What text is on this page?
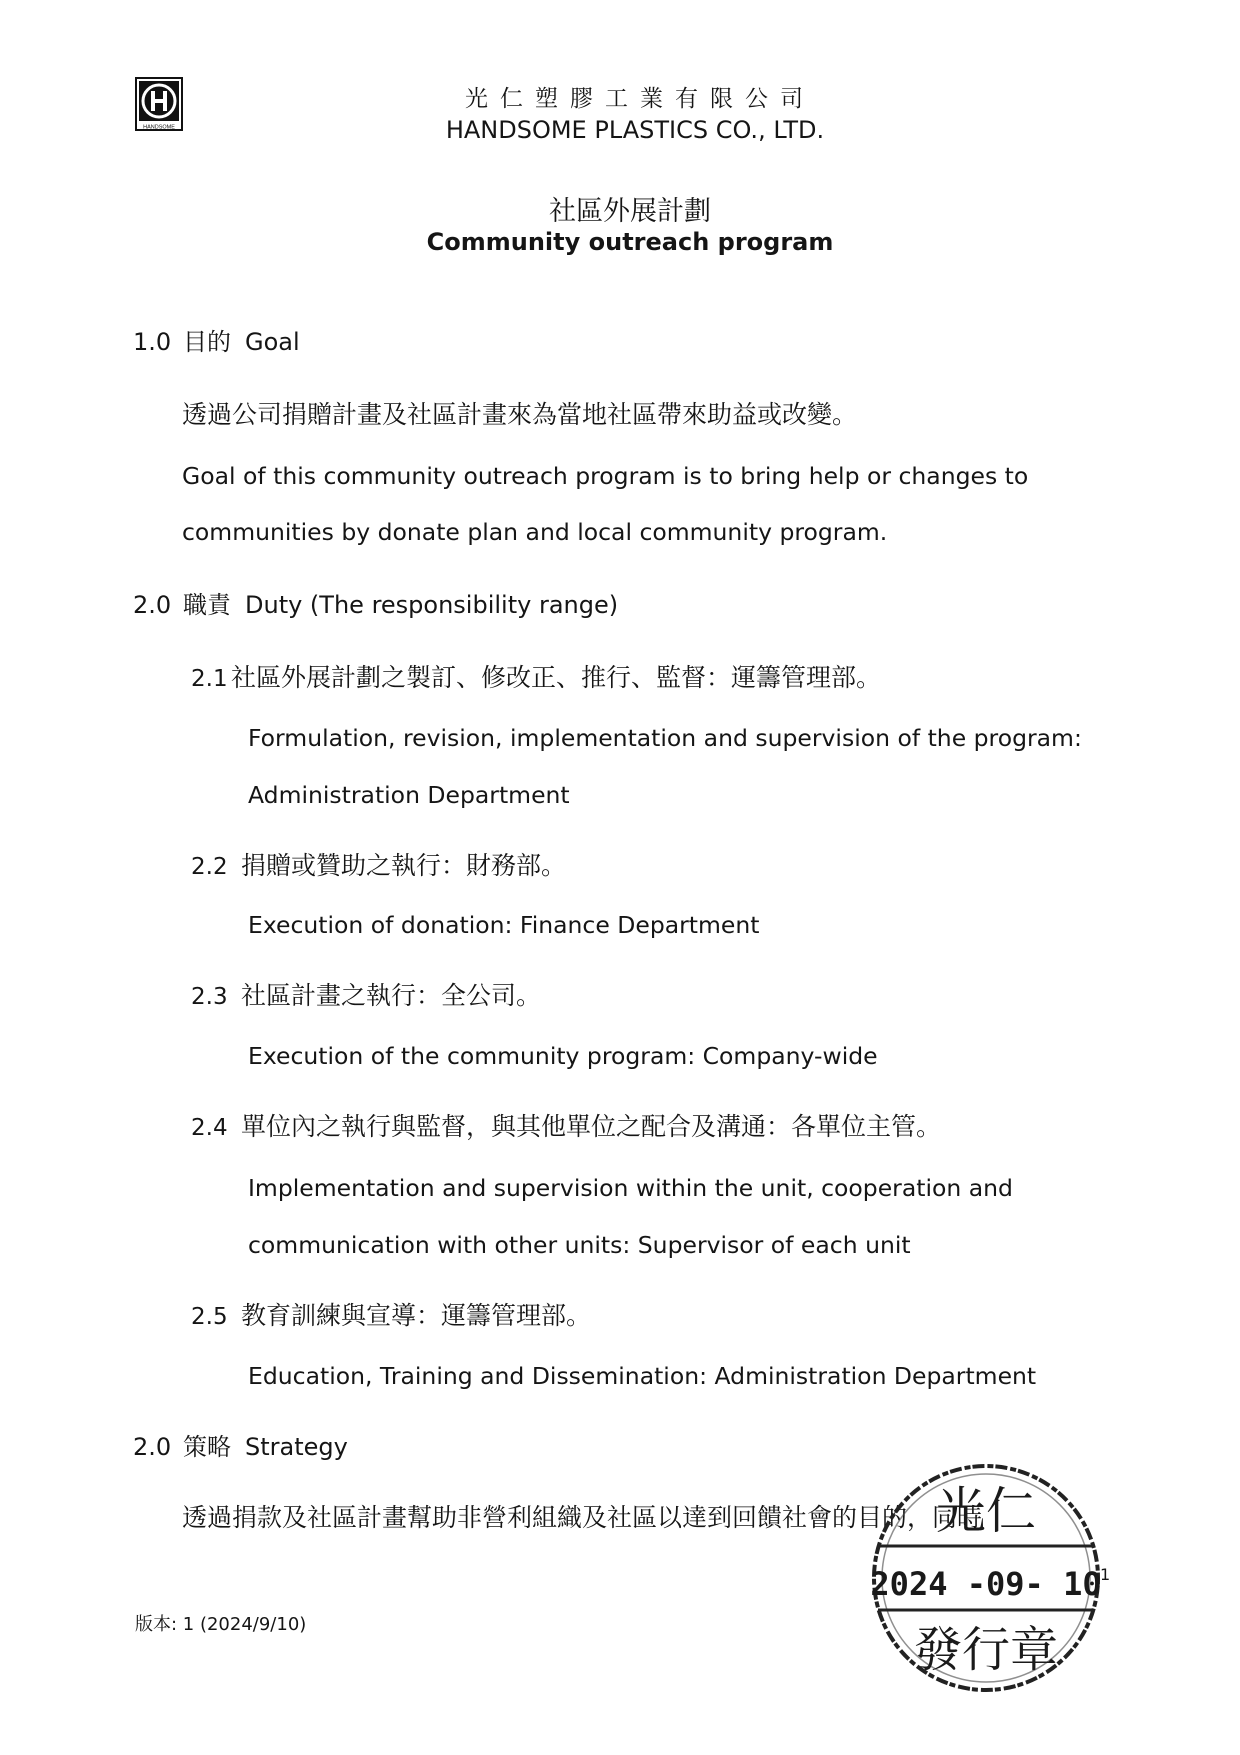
HANDSOME
光仁塑膠工業有限公司
HANDSOME PLASTICS CO., LTD.
社區外展計劃
Community outreach program
1.0 目的 Goal
透過公司捐贈計畫及社區計畫來為當地社區帶來助益或改變。
Goal of this community outreach program is to bring help or changes to
communities by donate plan and local community program.
2.0 職責 Duty (The responsibility range)
2.1 社區外展計劃之製訂、修改正、推行、監督：運籌管理部。
Formulation, revision, implementation and supervision of the program:
Administration Department
2.2 捐贈或贊助之執行：財務部。
Execution of donation: Finance Department
2.3 社區計畫之執行：全公司。
Execution of the community program: Company-wide
2.4 單位內之執行與監督，與其他單位之配合及溝通：各單位主管。
Implementation and supervision within the unit, cooperation and
communication with other units: Supervisor of each unit
2.5 教育訓練與宣導：運籌管理部。
Education, Training and Dissemination: Administration Department
2.0 策略 Strategy
透過捐款及社區計畫幫助非營利組織及社區以達到回饋社會的目的，同時
版本: 1 (2024/9/10)
1
光仁
2024 -09- 10
發行章
